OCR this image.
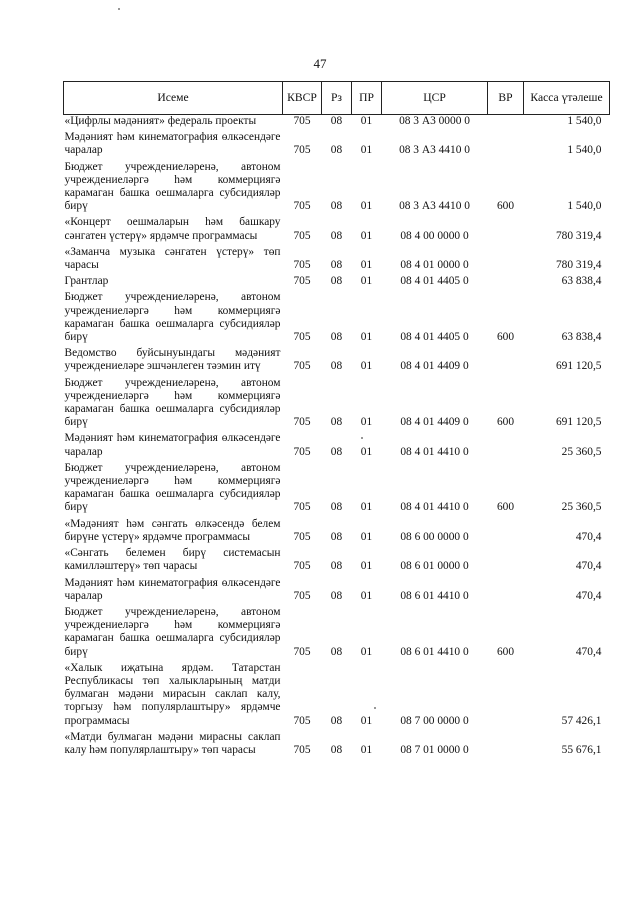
47
Исеме	КВСР	Рз	ПР	ЦСР	ВР	Касса үтәлеше
«Цифрлы мәдәният» федераль проекты	705	08	01	08 3 А3 0000 0		1 540,0
Мәдәният һәм кинематография өлкәсендәге чаралар	705	08	01	08 3 А3 4410 0		1 540,0
Бюджет учреждениеләренә, автоном учреждениеләргә һәм коммерциягә карамаган башка оешмаларга субсидияләр бирү	705	08	01	08 3 А3 4410 0	600	1 540,0
«Концерт оешмаларын һәм башкару сәнгатен үстерү» ярдәмче программасы	705	08	01	08 4 00 0000 0		780 319,4
«Заманча музыка сәнгатен үстерү» төп чарасы	705	08	01	08 4 01 0000 0		780 319,4
Грантлар	705	08	01	08 4 01 4405 0		63 838,4
Бюджет учреждениеләренә, автоном учреждениеләргә һәм коммерциягә карамаган башка оешмаларга субсидияләр бирү	705	08	01	08 4 01 4405 0	600	63 838,4
Ведомство буйсынуындагы мәдәният учреждениеләре эшчәнлеген тәэмин итү	705	08	01	08 4 01 4409 0		691 120,5
Бюджет учреждениеләренә, автоном учреждениеләргә һәм коммерциягә карамаган башка оешмаларга субсидияләр бирү	705	08	01	08 4 01 4409 0	600	691 120,5
Мәдәният һәм кинематография өлкәсендәге чаралар	705	08	01	08 4 01 4410 0		25 360,5
Бюджет учреждениеләренә, автоном учреждениеләргә һәм коммерциягә карамаган башка оешмаларга субсидияләр бирү	705	08	01	08 4 01 4410 0	600	25 360,5
«Мәдәният һәм сәнгать өлкәсендә белем бирүне үстерү» ярдәмче программасы	705	08	01	08 6 00 0000 0		470,4
«Сәнгать белемен бирү системасын камилләштерү» төп чарасы	705	08	01	08 6 01 0000 0		470,4
Мәдәният һәм кинематография өлкәсендәге чаралар	705	08	01	08 6 01 4410 0		470,4
Бюджет учреждениеләренә, автоном учреждениеләргә һәм коммерциягә карамаган башка оешмаларга субсидияләр бирү	705	08	01	08 6 01 4410 0	600	470,4
«Халык иҗатына ярдәм. Татарстан Республикасы төп халыкларының матди булмаган мәдәни мирасын саклап калу, торгызу һәм популярлаштыру» ярдәмче программасы	705	08	01	08 7 00 0000 0		57 426,1
«Матди булмаган мәдәни мирасны саклап калу һәм популярлаштыру» төп чарасы	705	08	01	08 7 01 0000 0		55 676,1
